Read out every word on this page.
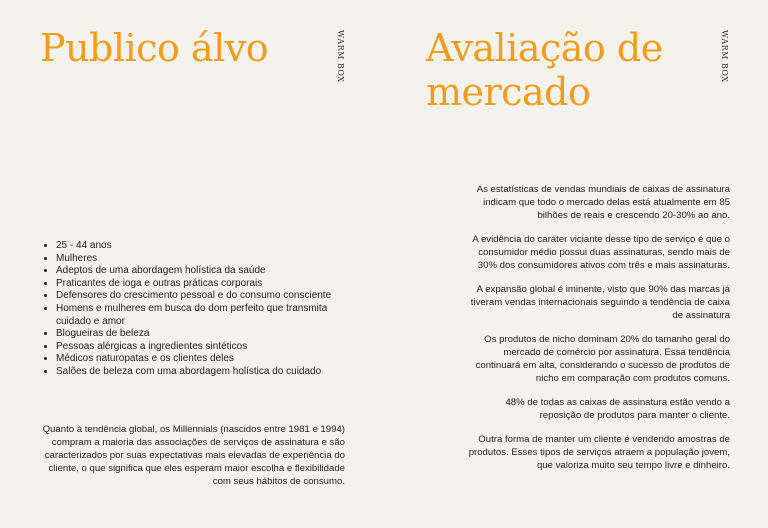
Publico álvo	WARM BOX
• 25 - 44 anos
• Mulheres
• Adeptos de uma abordagem holística da saúde
• Praticantes de ioga e outras práticas corporais
• Defensores do crescimento pessoal e do consumo consciente
• Homens e mulheres em busca do dom perfeito que transmita cuidado e amor
• Blogueiras de beleza
• Pessoas alérgicas a ingredientes sintéticos
• Médicos naturopatas e os clientes deles
• Salões de beleza com uma abordagem holística do cuidado

Quanto à tendência global, os Millennials (nascidos entre 1981 e 1994) compram a maioria das associações de serviços de assinatura e são caracterizados por suas expectativas mais elevadas de experiência do cliente, o que significa que eles esperam maior escolha e flexibilidade com seus hábitos de consumo.

Avaliação de mercado
WARM BOX

As estatísticas de vendas mundiais de caixas de assinatura indicam que todo o mercado delas está atualmente em 85 bilhões de reais e crescendo 20-30% ao ano.

A evidência do caráter viciante desse tipo de serviço é que o consumidor médio possui duas assinaturas, sendo mais de 30% dos consumidores ativos com três e mais assinaturas.

A expansão global é iminente, visto que 90% das marcas já tiveram vendas internacionais seguindo a tendência de caixa de assinatura

Os produtos de nicho dominam 20% do tamanho geral do mercado de comércio por assinatura. Essa tendência continuará em alta, considerando o sucesso de produtos de nicho em comparação com produtos comuns.

48% de todas as caixas de assinatura estão vendo a reposição de produtos para manter o cliente.

Outra forma de manter um cliente é vendendo amostras de produtos. Esses tipos de serviços atraem a população jovem, que valoriza muito seu tempo livre e dinheiro.
